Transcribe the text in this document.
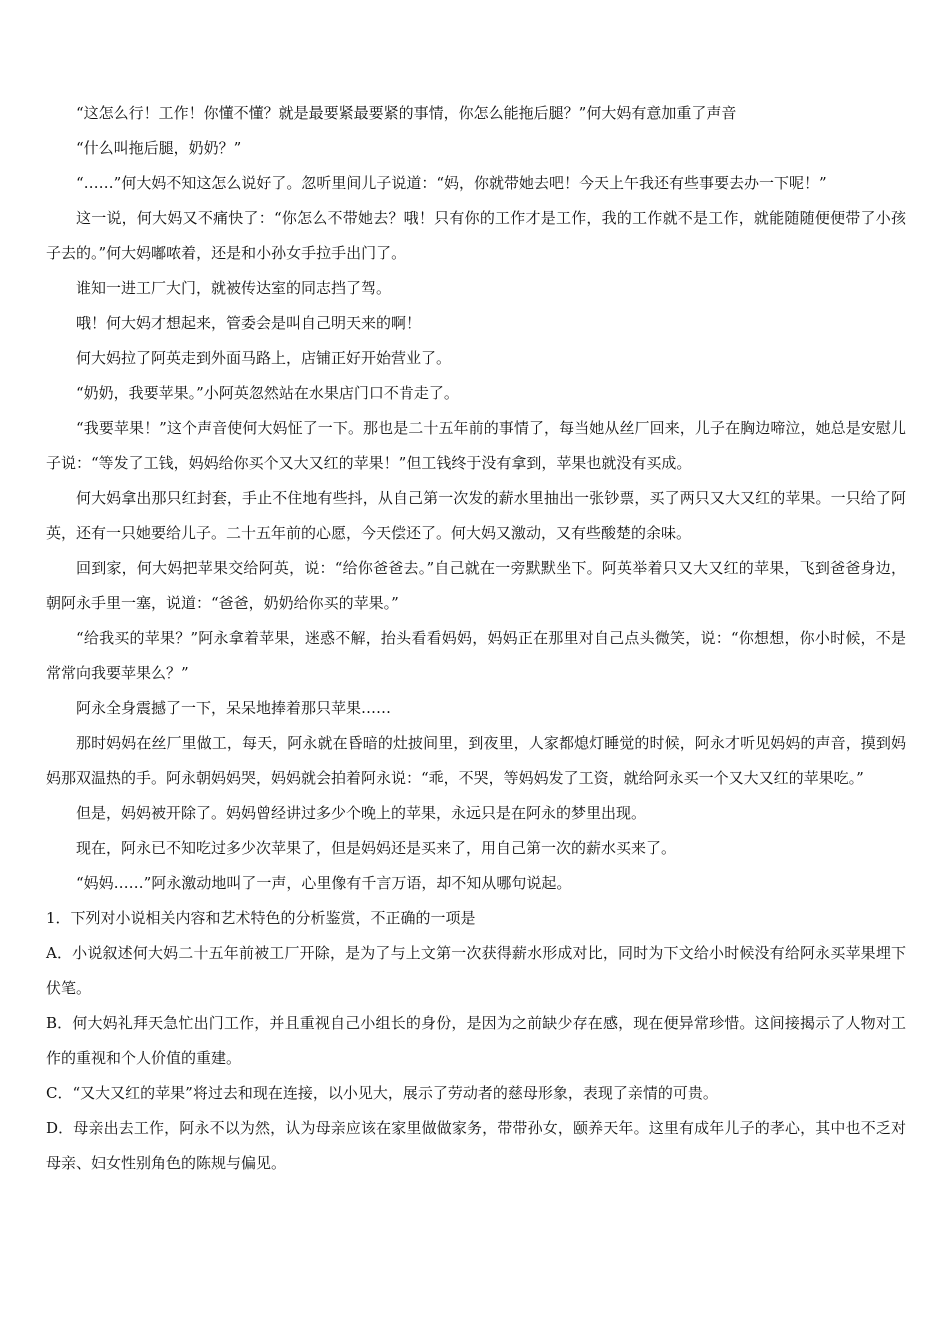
“这怎么行！工作！你懂不懂？就是最要紧最要紧的事情，你怎么能拖后腿？”何大妈有意加重了声音

“什么叫拖后腿，奶奶？”

“……”何大妈不知这怎么说好了。忽听里间儿子说道：“妈，你就带她去吧！今天上午我还有些事要去办一下呢！”

这一说，何大妈又不痛快了：“你怎么不带她去？哦！只有你的工作才是工作，我的工作就不是工作，就能随随便便带了小孩子去的。”何大妈嘟哝着，还是和小孙女手拉手出门了。

谁知一进工厂大门，就被传达室的同志挡了驾。

哦！何大妈才想起来，管委会是叫自己明天来的啊！

何大妈拉了阿英走到外面马路上，店铺正好开始营业了。

“奶奶，我要苹果。”小阿英忽然站在水果店门口不肯走了。

“我要苹果！”这个声音使何大妈怔了一下。那也是二十五年前的事情了，每当她从丝厂回来，儿子在胸边啼泣，她总是安慰儿子说：“等发了工钱，妈妈给你买个又大又红的苹果！”但工钱终于没有拿到，苹果也就没有买成。

何大妈拿出那只红封套，手止不住地有些抖，从自己第一次发的薪水里抽出一张钞票，买了两只又大又红的苹果。一只给了阿英，还有一只她要给儿子。二十五年前的心愿，今天偿还了。何大妈又激动，又有些酸楚的余味。

回到家，何大妈把苹果交给阿英，说：“给你爸爸去。”自己就在一旁默默坐下。阿英举着只又大又红的苹果，飞到爸爸身边，朝阿永手里一塞，说道：“爸爸，奶奶给你买的苹果。”

“给我买的苹果？”阿永拿着苹果，迷惑不解，抬头看看妈妈，妈妈正在那里对自己点头微笑，说：“你想想，你小时候，不是常常向我要苹果么？”

阿永全身震撼了一下，呆呆地捧着那只苹果……

那时妈妈在丝厂里做工，每天，阿永就在昏暗的灶披间里，到夜里，人家都熄灯睡觉的时候，阿永才听见妈妈的声音，摸到妈妈那双温热的手。阿永朝妈妈哭，妈妈就会拍着阿永说：“乖，不哭，等妈妈发了工资，就给阿永买一个又大又红的苹果吃。”

但是，妈妈被开除了。妈妈曾经讲过多少个晚上的苹果，永远只是在阿永的梦里出现。

现在，阿永已不知吃过多少次苹果了，但是妈妈还是买来了，用自己第一次的薪水买来了。

“妈妈……”阿永激动地叫了一声，心里像有千言万语，却不知从哪句说起。

1．下列对小说相关内容和艺术特色的分析鉴赏，不正确的一项是

A．小说叙述何大妈二十五年前被工厂开除，是为了与上文第一次获得薪水形成对比，同时为下文给小时候没有给阿永买苹果埋下伏笔。

B．何大妈礼拜天急忙出门工作，并且重视自己小组长的身份，是因为之前缺少存在感，现在便异常珍惜。这间接揭示了人物对工作的重视和个人价值的重建。

C．“又大又红的苹果”将过去和现在连接，以小见大，展示了劳动者的慈母形象，表现了亲情的可贵。

D．母亲出去工作，阿永不以为然，认为母亲应该在家里做做家务，带带孙女，颐养天年。这里有成年儿子的孝心，其中也不乏对母亲、妇女性别角色的陈规与偏见。
